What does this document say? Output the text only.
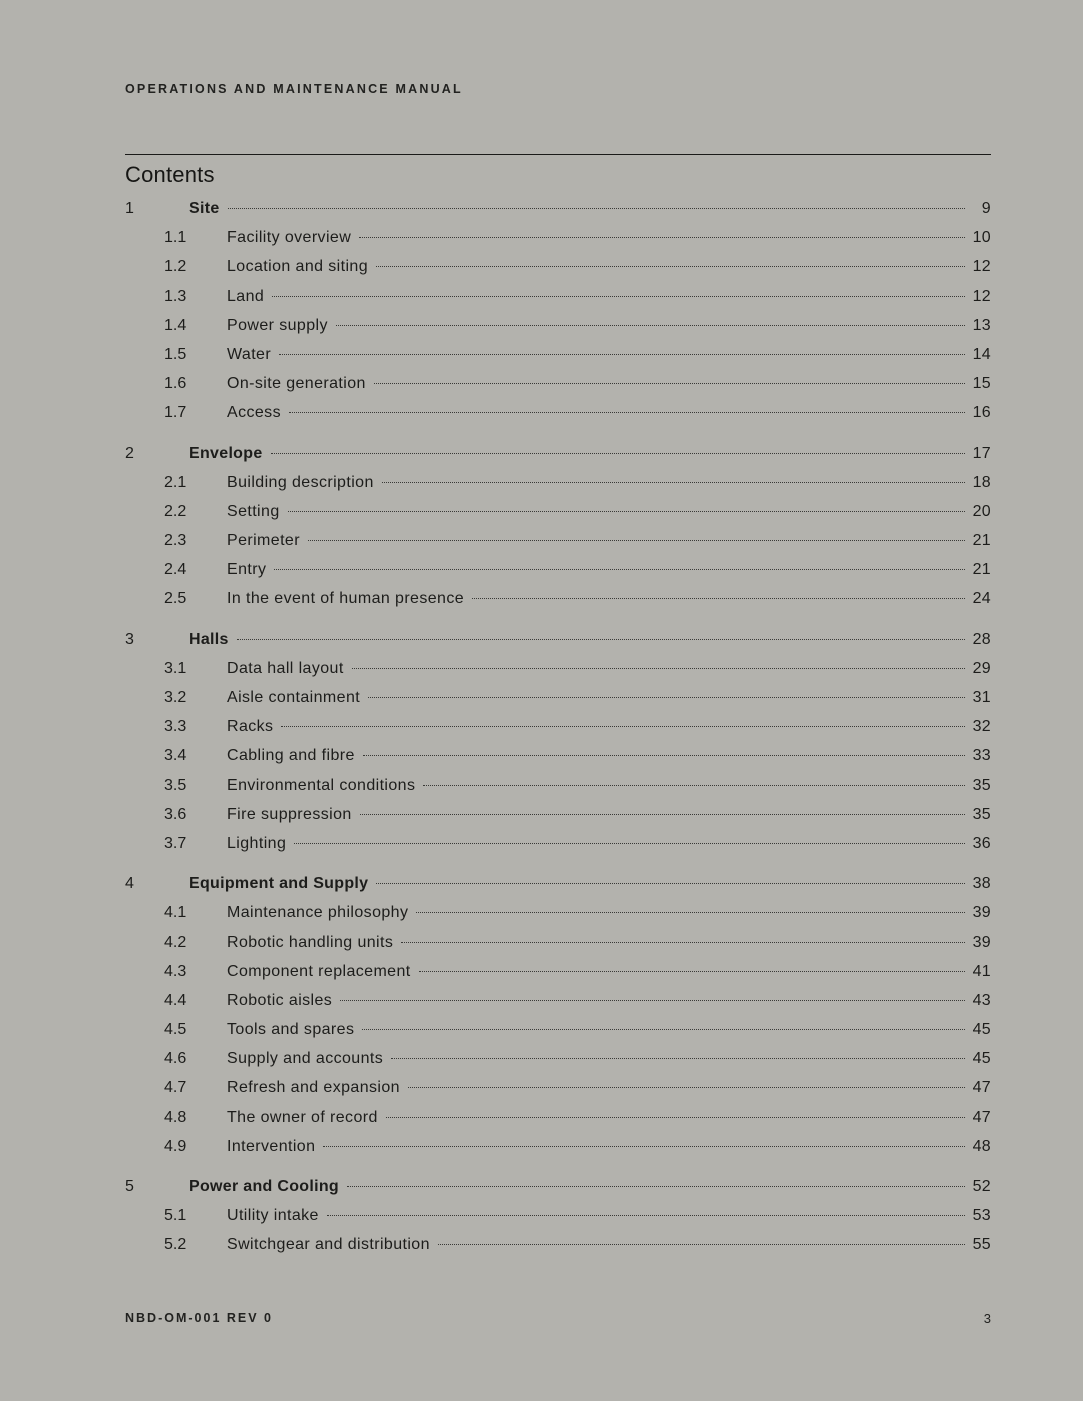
OPERATIONS AND MAINTENANCE MANUAL
Contents
1	Site	9
1.1	Facility overview	10
1.2	Location and siting	12
1.3	Land	12
1.4	Power supply	13
1.5	Water	14
1.6	On-site generation	15
1.7	Access	16
2	Envelope	17
2.1	Building description	18
2.2	Setting	20
2.3	Perimeter	21
2.4	Entry	21
2.5	In the event of human presence	24
3	Halls	28
3.1	Data hall layout	29
3.2	Aisle containment	31
3.3	Racks	32
3.4	Cabling and fibre	33
3.5	Environmental conditions	35
3.6	Fire suppression	35
3.7	Lighting	36
4	Equipment and Supply	38
4.1	Maintenance philosophy	39
4.2	Robotic handling units	39
4.3	Component replacement	41
4.4	Robotic aisles	43
4.5	Tools and spares	45
4.6	Supply and accounts	45
4.7	Refresh and expansion	47
4.8	The owner of record	47
4.9	Intervention	48
5	Power and Cooling	52
5.1	Utility intake	53
5.2	Switchgear and distribution	55
NBD-OM-001 REV 0	3
